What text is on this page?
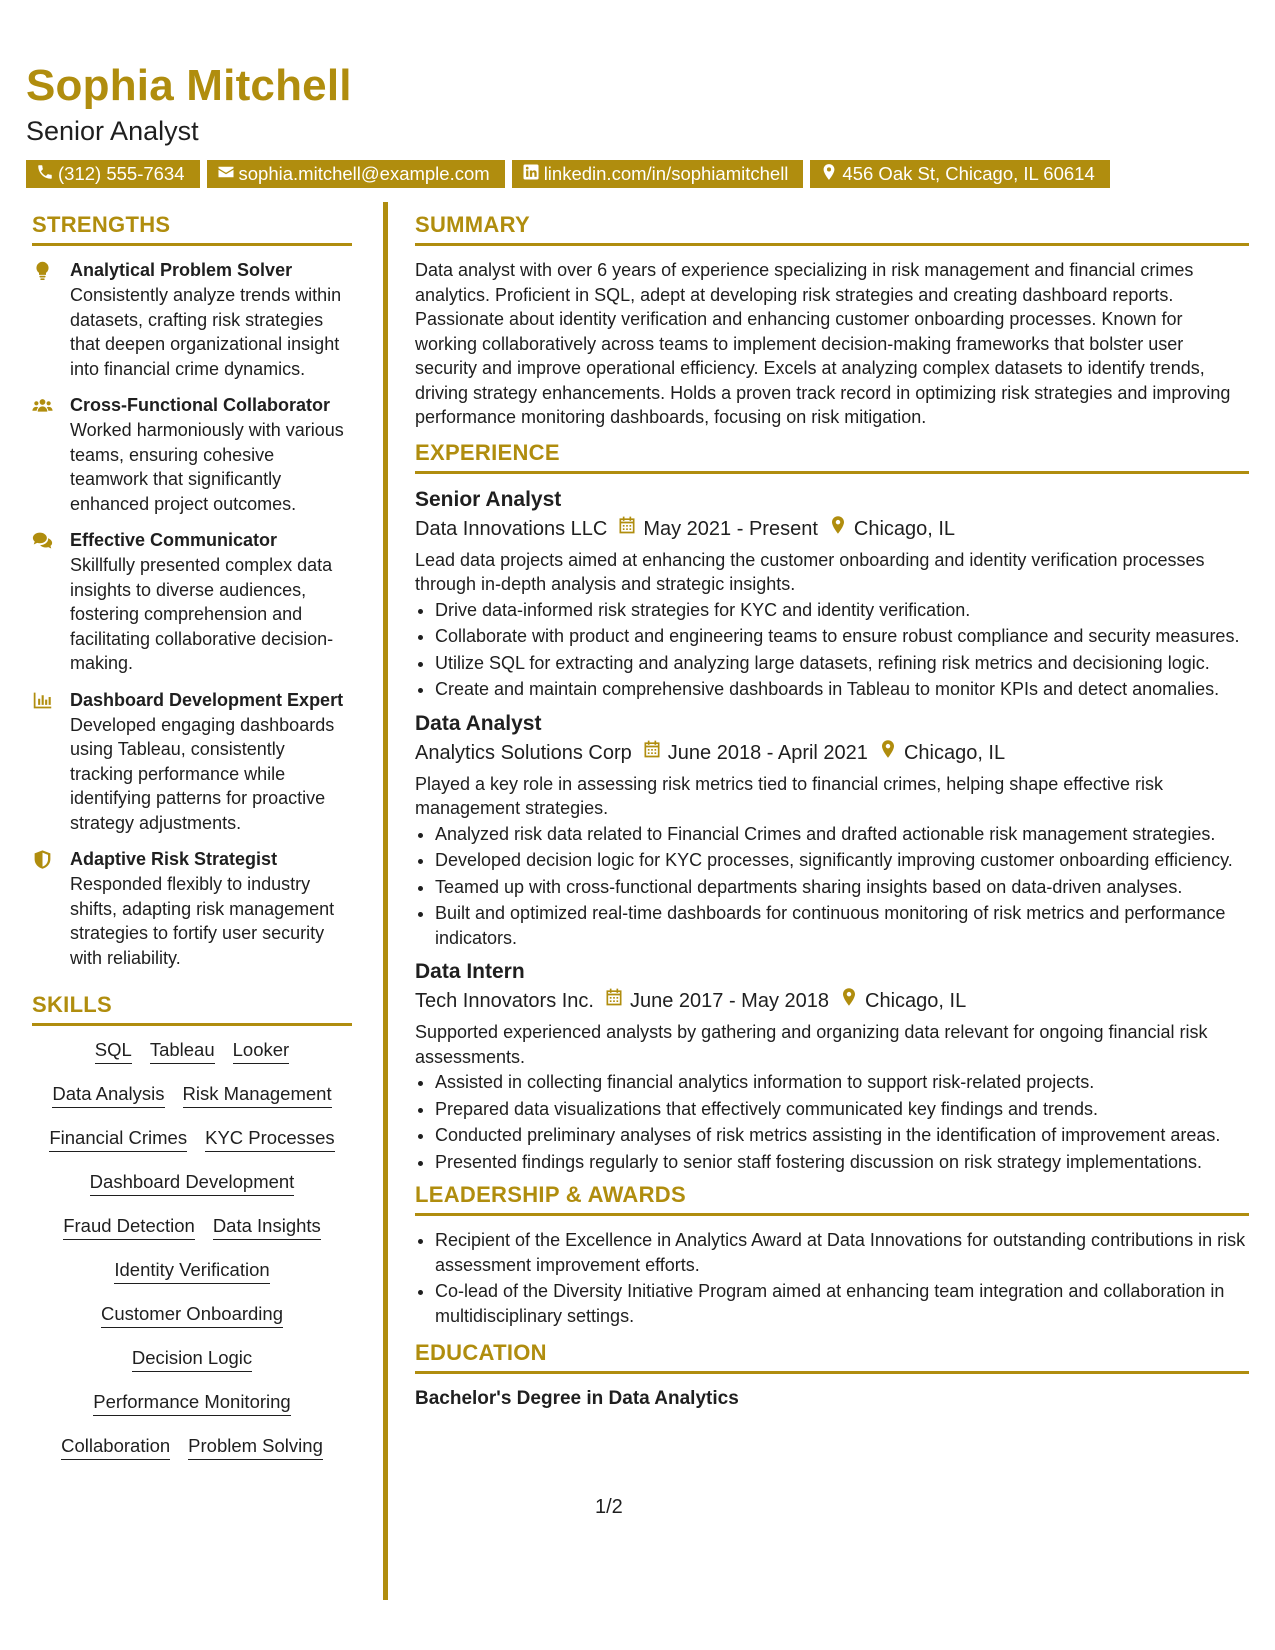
Sophia Mitchell
Senior Analyst
(312) 555-7634	sophia.mitchell@example.com	linkedin.com/in/sophiamitchell	456 Oak St, Chicago, IL 60614
STRENGTHS
Analytical Problem Solver
Consistently analyze trends within datasets, crafting risk strategies that deepen organizational insight into financial crime dynamics.
Cross-Functional Collaborator
Worked harmoniously with various teams, ensuring cohesive teamwork that significantly enhanced project outcomes.
Effective Communicator
Skillfully presented complex data insights to diverse audiences, fostering comprehension and facilitating collaborative decision-making.
Dashboard Development Expert
Developed engaging dashboards using Tableau, consistently tracking performance while identifying patterns for proactive strategy adjustments.
Adaptive Risk Strategist
Responded flexibly to industry shifts, adapting risk management strategies to fortify user security with reliability.
SKILLS
SQL Tableau Looker
Data Analysis Risk Management
Financial Crimes KYC Processes
Dashboard Development
Fraud Detection Data Insights
Identity Verification
Customer Onboarding
Decision Logic
Performance Monitoring
Collaboration Problem Solving
SUMMARY

Data analyst with over 6 years of experience specializing in risk management and financial crimes analytics. Proficient in SQL, adept at developing risk strategies and creating dashboard reports. Passionate about identity verification and enhancing customer onboarding processes. Known for working collaboratively across teams to implement decision-making frameworks that bolster user security and improve operational efficiency. Excels at analyzing complex datasets to identify trends, driving strategy enhancements. Holds a proven track record in optimizing risk strategies and improving performance monitoring dashboards, focusing on risk mitigation.

EXPERIENCE
Senior Analyst
Data Innovations LLC May 2021 - Present Chicago, IL
Lead data projects aimed at enhancing the customer onboarding and identity verification processes through in-depth analysis and strategic insights.
• Drive data-informed risk strategies for KYC and identity verification.
• Collaborate with product and engineering teams to ensure robust compliance and security measures.
• Utilize SQL for extracting and analyzing large datasets, refining risk metrics and decisioning logic.
• Create and maintain comprehensive dashboards in Tableau to monitor KPIs and detect anomalies.
Data Analyst
Analytics Solutions Corp June 2018 - April 2021 Chicago, IL
Played a key role in assessing risk metrics tied to financial crimes, helping shape effective risk management strategies.
• Analyzed risk data related to Financial Crimes and drafted actionable risk management strategies.
• Developed decision logic for KYC processes, significantly improving customer onboarding efficiency.
• Teamed up with cross-functional departments sharing insights based on data-driven analyses.
• Built and optimized real-time dashboards for continuous monitoring of risk metrics and performance indicators.
Data Intern
Tech Innovators Inc. June 2017 - May 2018 Chicago, IL
Supported experienced analysts by gathering and organizing data relevant for ongoing financial risk assessments.
• Assisted in collecting financial analytics information to support risk-related projects.
• Prepared data visualizations that effectively communicated key findings and trends.
• Conducted preliminary analyses of risk metrics assisting in the identification of improvement areas.
• Presented findings regularly to senior staff fostering discussion on risk strategy implementations.
LEADERSHIP & AWARDS
• Recipient of the Excellence in Analytics Award at Data Innovations for outstanding contributions in risk assessment improvement efforts.
• Co-lead of the Diversity Initiative Program aimed at enhancing team integration and collaboration in multidisciplinary settings.
EDUCATION
Bachelor's Degree in Data Analytics
1/2
